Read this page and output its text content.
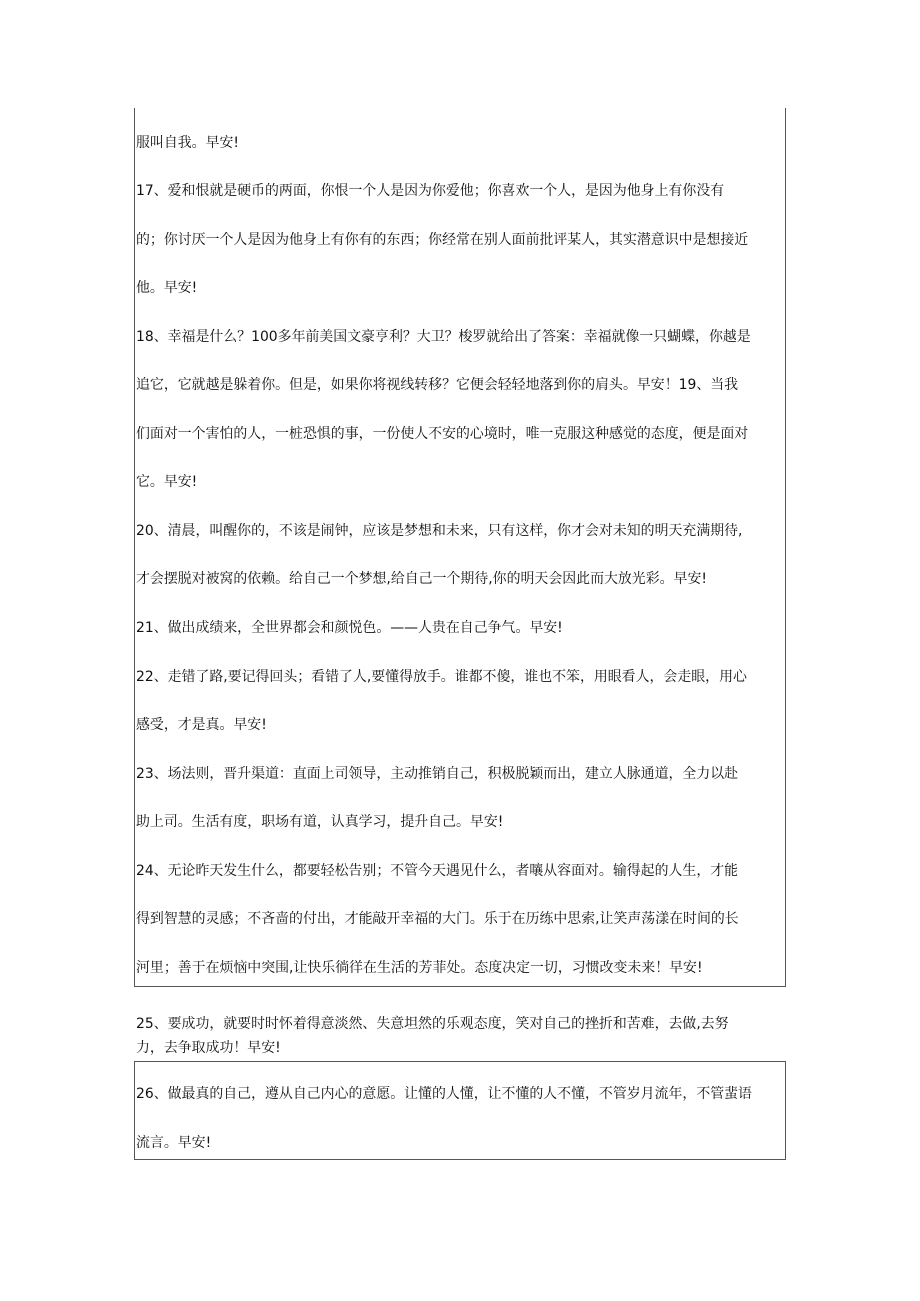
服叫自我。早安!
17、爱和恨就是硬币的两面，你恨一个人是因为你爱他；你喜欢一个人，是因为他身上有你没有
的；你讨厌一个人是因为他身上有你有的东西；你经常在别人面前批评某人，其实潜意识中是想接近
他。早安!
18、幸福是什么？100多年前美国文豪亨利？大卫？梭罗就给出了答案：幸福就像一只蝴蝶，你越是
追它，它就越是躲着你。但是，如果你将视线转移？它便会轻轻地落到你的肩头。早安！19、当我
们面对一个害怕的人，一桩恐惧的事，一份使人不安的心境时，唯一克服这种感觉的态度，便是面对
它。早安!
20、清晨，叫醒你的，不该是闹钟，应该是梦想和未来，只有这样，你才会对未知的明天充满期待,
才会摆脱对被窝的依赖。给自己一个梦想,给自己一个期待,你的明天会因此而大放光彩。早安!
21、做出成绩来，全世界都会和颜悦色。——人贵在自己争气。早安!
22、走错了路,要记得回头；看错了人,要懂得放手。谁都不傻，谁也不笨，用眼看人，会走眼，用心
感受，才是真。早安!
23、场法则，晋升渠道：直面上司领导，主动推销自己，积极脱颖而出，建立人脉通道，全力以赴
助上司。生活有度，职场有道，认真学习，提升自己。早安!
24、无论昨天发生什么，都要轻松告别；不管今天遇见什么，者嚷从容面对。输得起的人生，才能
得到智慧的灵感；不吝啬的付出，才能敲开幸福的大门。乐于在历练中思索,让笑声荡漾在时间的长
河里；善于在烦恼中突围,让快乐徜徉在生活的芳菲处。态度决定一切，习惯改变未来！早安!
25、要成功，就要时时怀着得意淡然、失意坦然的乐观态度，笑对自己的挫折和苦难，去做,去努
力，去争取成功！早安!
26、做最真的自己，遵从自己内心的意愿。让懂的人懂，让不懂的人不懂，不管岁月流年，不管蜚语
流言。早安!
